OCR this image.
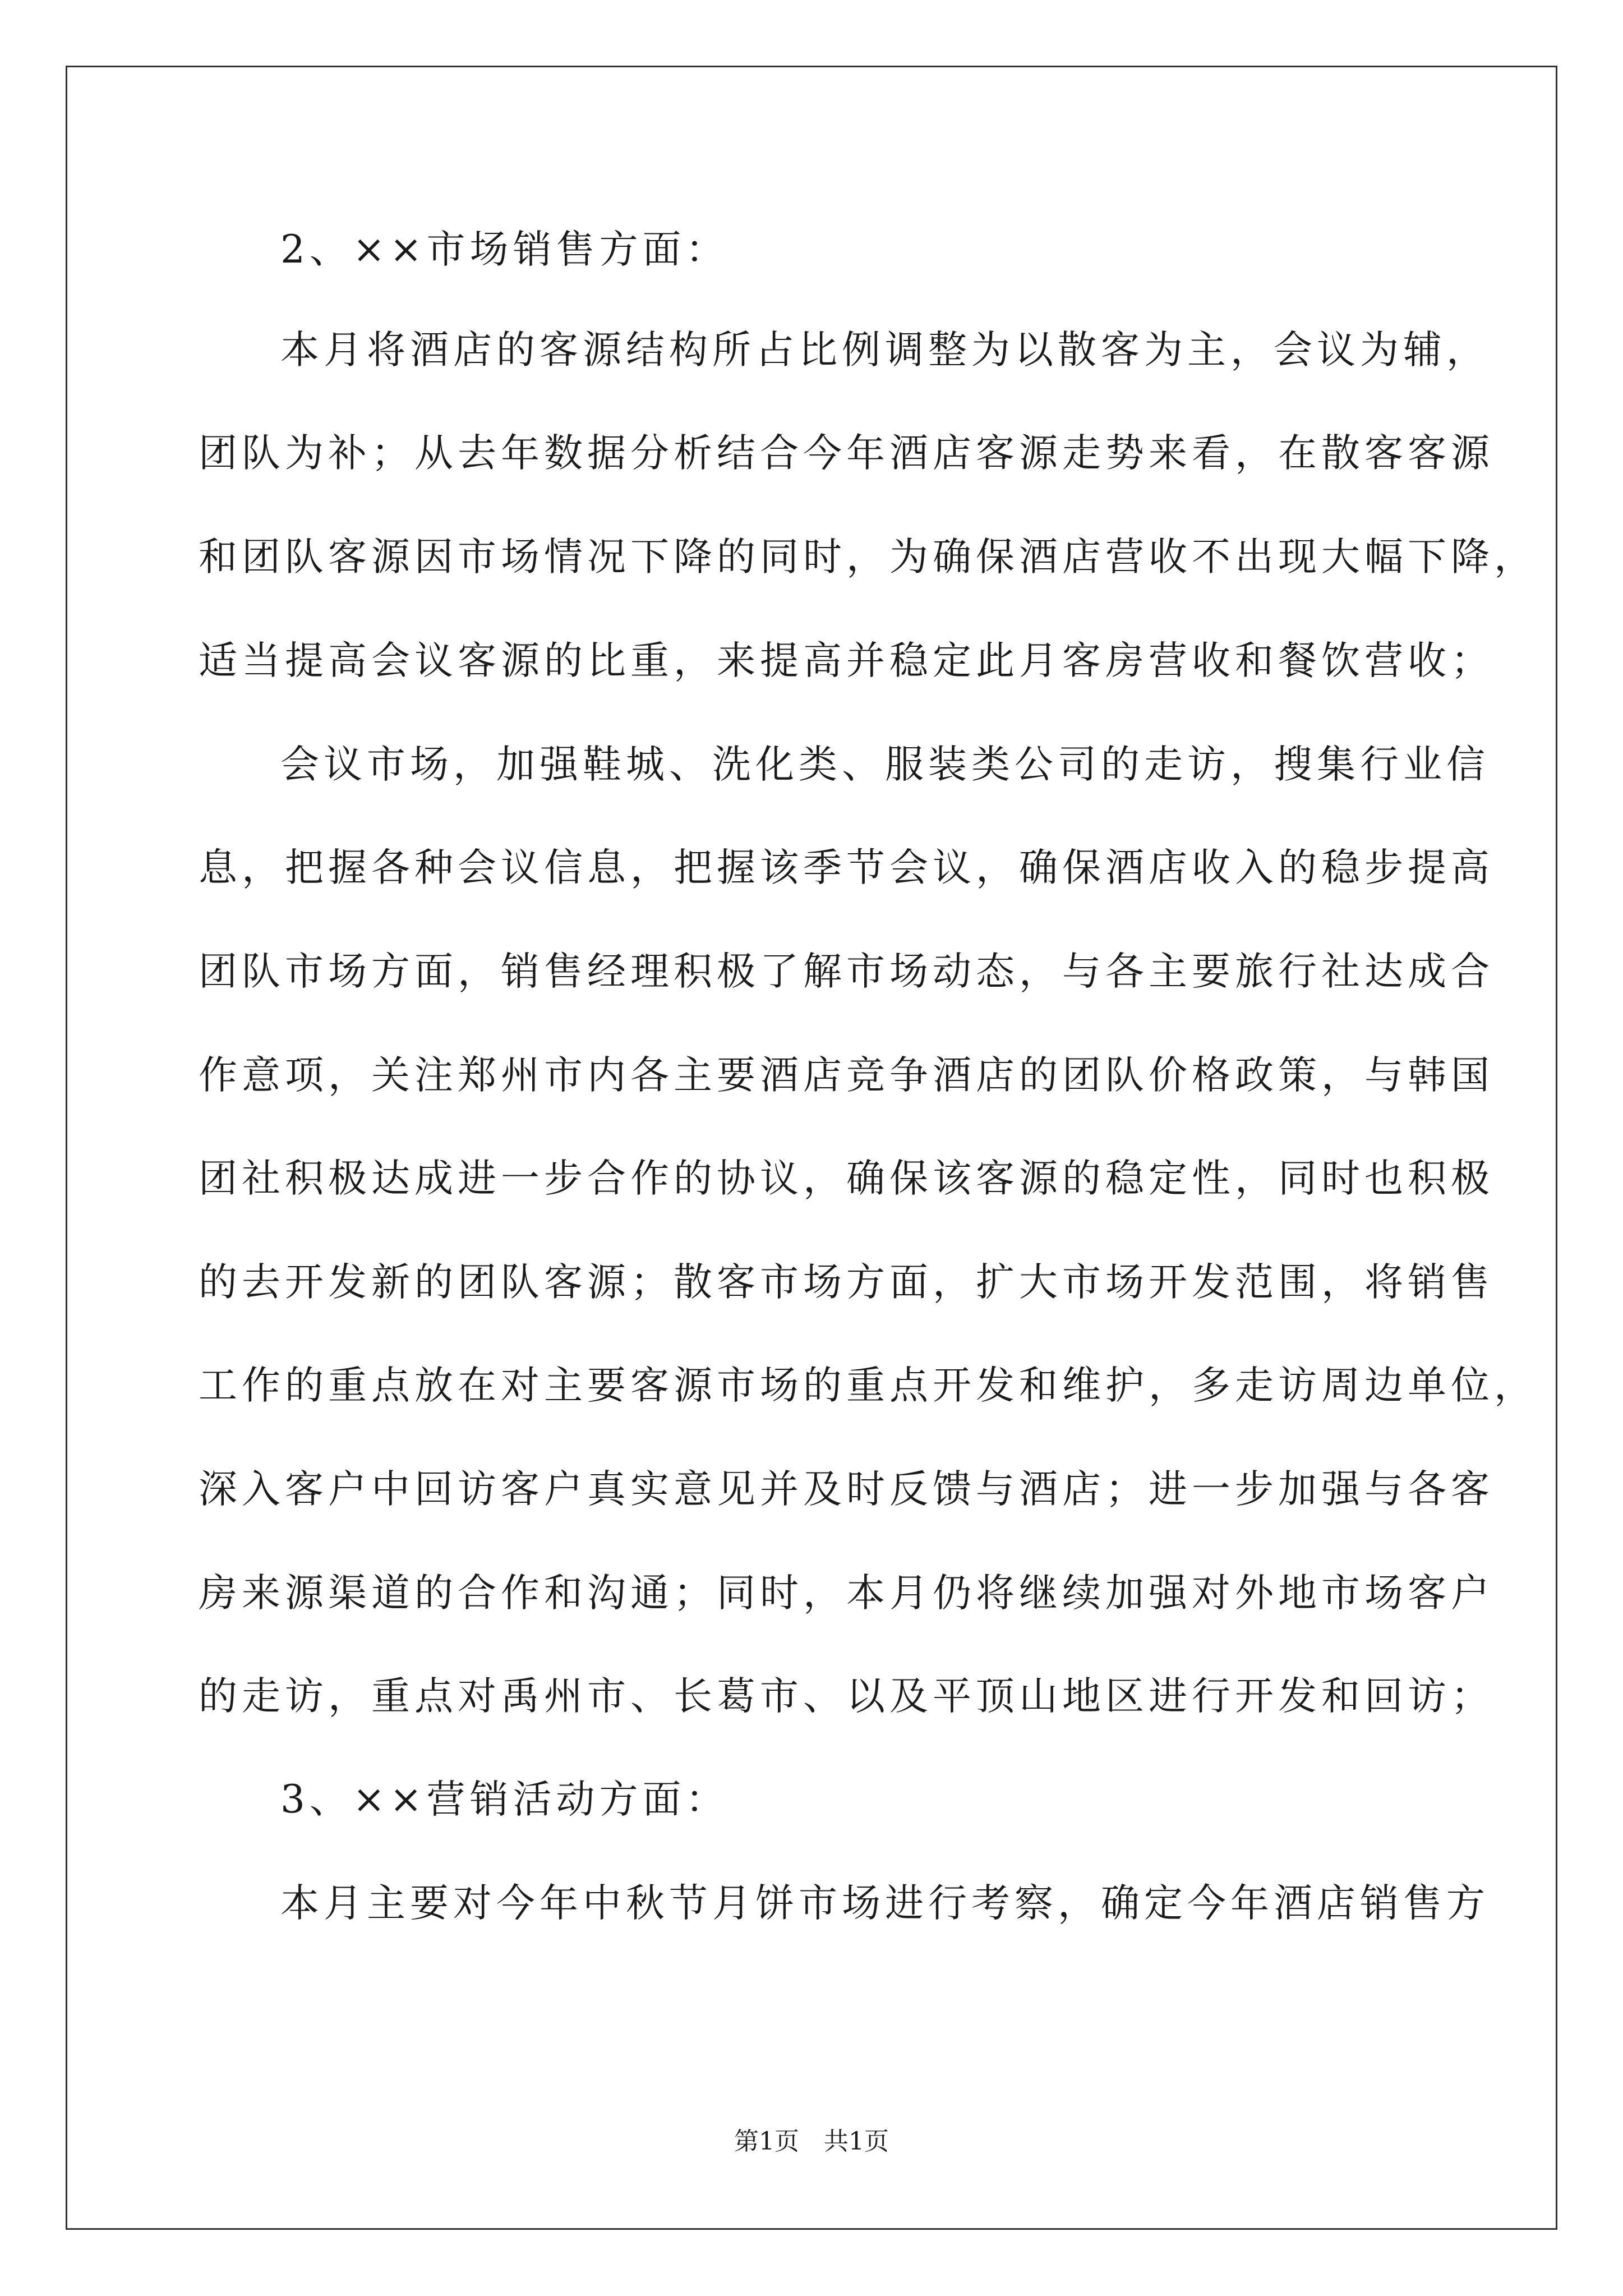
2、××市场销售方面：
本月将酒店的客源结构所占比例调整为以散客为主，会议为辅，
团队为补；从去年数据分析结合今年酒店客源走势来看，在散客客源
和团队客源因市场情况下降的同时，为确保酒店营收不出现大幅下降，
适当提高会议客源的比重，来提高并稳定此月客房营收和餐饮营收；
会议市场，加强鞋城、洗化类、服装类公司的走访，搜集行业信
息，把握各种会议信息，把握该季节会议，确保酒店收入的稳步提高
团队市场方面，销售经理积极了解市场动态，与各主要旅行社达成合
作意项，关注郑州市内各主要酒店竞争酒店的团队价格政策，与韩国
团社积极达成进一步合作的协议，确保该客源的稳定性，同时也积极
的去开发新的团队客源；散客市场方面，扩大市场开发范围，将销售
工作的重点放在对主要客源市场的重点开发和维护，多走访周边单位，
深入客户中回访客户真实意见并及时反馈与酒店；进一步加强与各客
房来源渠道的合作和沟通；同时，本月仍将继续加强对外地市场客户
的走访，重点对禹州市、长葛市、以及平顶山地区进行开发和回访；
3、××营销活动方面：
本月主要对今年中秋节月饼市场进行考察，确定今年酒店销售方
第1页　共1页
